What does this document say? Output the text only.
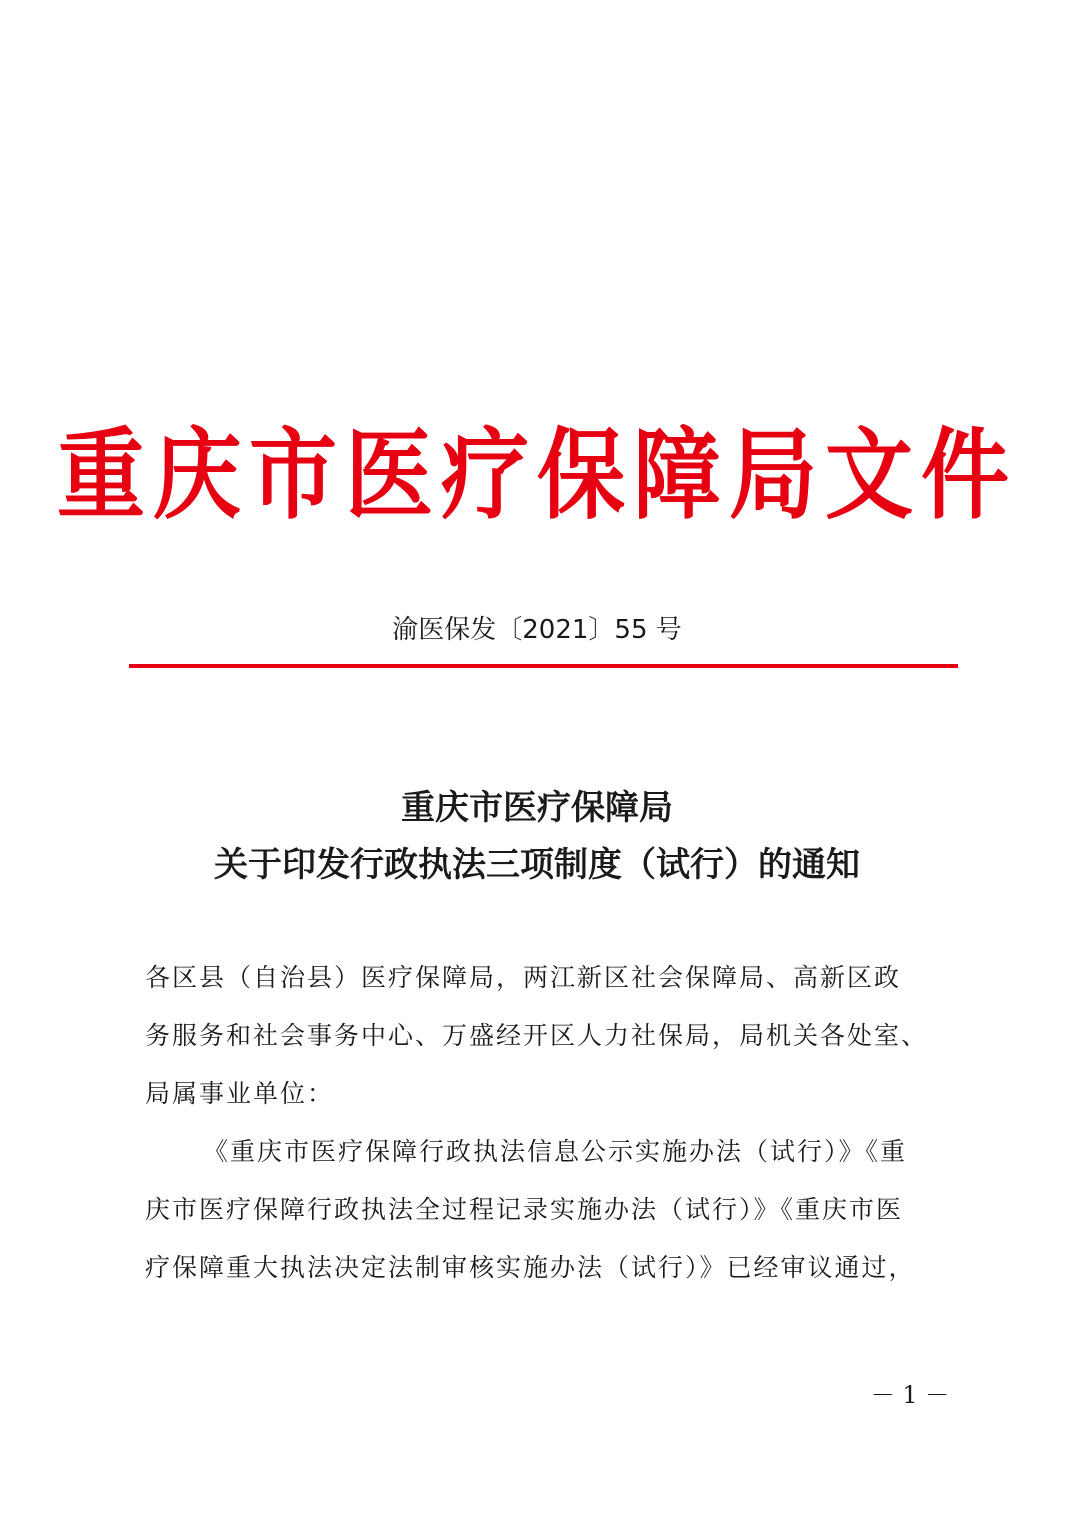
重庆市医疗保障局文件
渝医保发〔2021〕55 号
重庆市医疗保障局
关于印发行政执法三项制度（试行）的通知
各区县（自治县）医疗保障局，两江新区社会保障局、高新区政
务服务和社会事务中心、万盛经开区人力社保局，局机关各处室、
局属事业单位：
《重庆市医疗保障行政执法信息公示实施办法（试行）》《重
庆市医疗保障行政执法全过程记录实施办法（试行）》《重庆市医
疗保障重大执法决定法制审核实施办法（试行）》已经审议通过，
－ 1 －
